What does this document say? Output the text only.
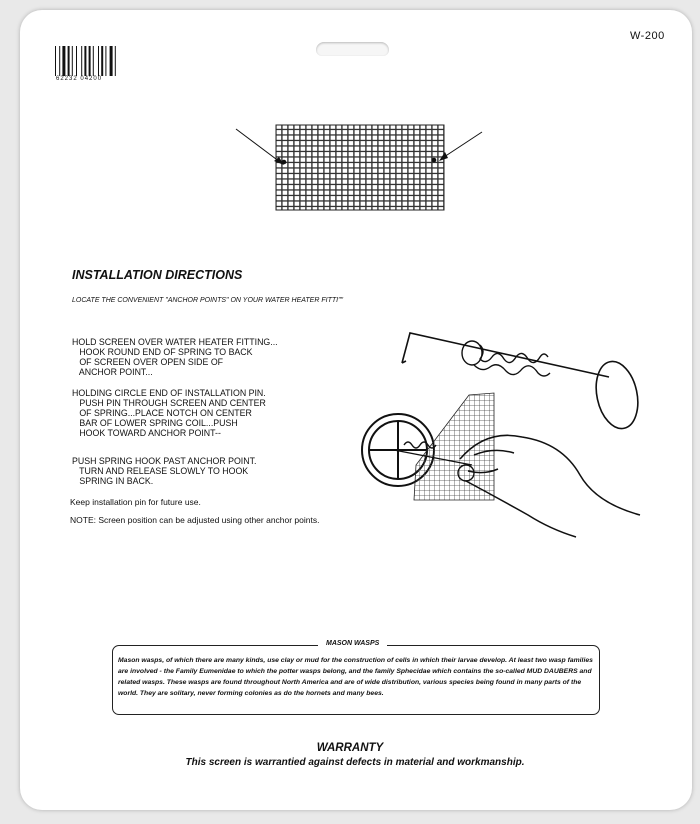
W-200
62232 04200
INSTALLATION DIRECTIONS
LOCATE THE CONVENIENT "ANCHOR POINTS" ON YOUR WATER HEATER FITTI""
HOLD SCREEN OVER WATER HEATER FITTING...
HOOK ROUND END OF SPRING TO BACK
OF SCREEN OVER OPEN SIDE OF
ANCHOR POINT...
HOLDING CIRCLE END OF INSTALLATION PIN.
PUSH PIN THROUGH SCREEN AND CENTER
OF SPRING...PLACE NOTCH ON CENTER
BAR OF LOWER SPRING COIL...PUSH
HOOK TOWARD ANCHOR POINT--
PUSH SPRING HOOK PAST ANCHOR POINT.
TURN AND RELEASE SLOWLY TO HOOK
SPRING IN BACK.
Keep installation pin for future use.
NOTE: Screen position can be adjusted using other anchor points.
MASON WASPS
Mason wasps, of which there are many kinds, use clay or mud for the construction of cells in which their larvae develop. At least two wasp families are involved - the Family Eumenidae to which the potter wasps belong, and the family Sphecidae which contains the so-called MUD DAUBERS and related wasps. These wasps are found throughout North America and are of wide distribution, various species being found in many parts of the world. They are solitary, never forming colonies as do the hornets and many bees.
WARRANTY
This screen is warrantied against defects in material and workmanship.
